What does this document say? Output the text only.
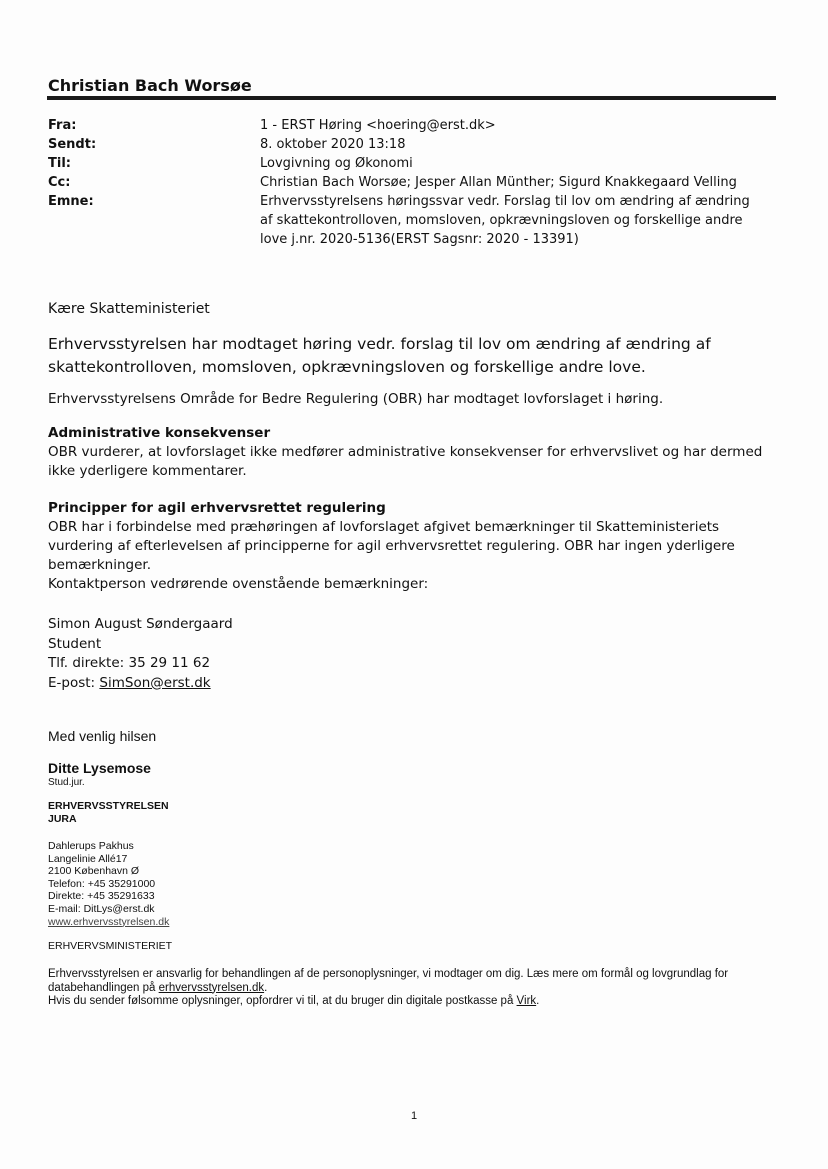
Christian Bach Worsøe
Fra:	1 - ERST Høring <hoering@erst.dk>
Sendt:	8. oktober 2020 13:18
Til:	Lovgivning og Økonomi
Cc:	Christian Bach Worsøe; Jesper Allan Münther; Sigurd Knakkegaard Velling
Emne:	Erhvervsstyrelsens høringssvar vedr. Forslag til lov om ændring af ændring af skattekontrolloven, momsloven, opkrævningsloven og forskellige andre love j.nr. 2020-5136(ERST Sagsnr: 2020 - 13391)
Kære Skatteministeriet
Erhvervsstyrelsen har modtaget høring vedr. forslag til lov om ændring af ændring af skattekontrolloven, momsloven, opkrævningsloven og forskellige andre love.
Erhvervsstyrelsens Område for Bedre Regulering (OBR) har modtaget lovforslaget i høring.
Administrative konsekvenser
OBR vurderer, at lovforslaget ikke medfører administrative konsekvenser for erhvervslivet og har dermed ikke yderligere kommentarer.
Principper for agil erhvervsrettet regulering
OBR har i forbindelse med præhøringen af lovforslaget afgivet bemærkninger til Skatteministeriets vurdering af efterlevelsen af principperne for agil erhvervsrettet regulering. OBR har ingen yderligere bemærkninger.
Kontaktperson vedrørende ovenstående bemærkninger:
Simon August Søndergaard
Student
Tlf. direkte: 35 29 11 62
E-post: SimSon@erst.dk
Med venlig hilsen
Ditte Lysemose
Stud.jur.
ERHVERVSSTYRELSEN
JURA
Dahlerups Pakhus
Langelinie Allé17
2100 København Ø
Telefon: +45 35291000
Direkte: +45 35291633
E-mail: DitLys@erst.dk
www.erhvervsstyrelsen.dk
ERHVERVSMINISTERIET
Erhvervsstyrelsen er ansvarlig for behandlingen af de personoplysninger, vi modtager om dig. Læs mere om formål og lovgrundlag for databehandlingen på erhvervsstyrelsen.dk.
Hvis du sender følsomme oplysninger, opfordrer vi til, at du bruger din digitale postkasse på Virk.
1
